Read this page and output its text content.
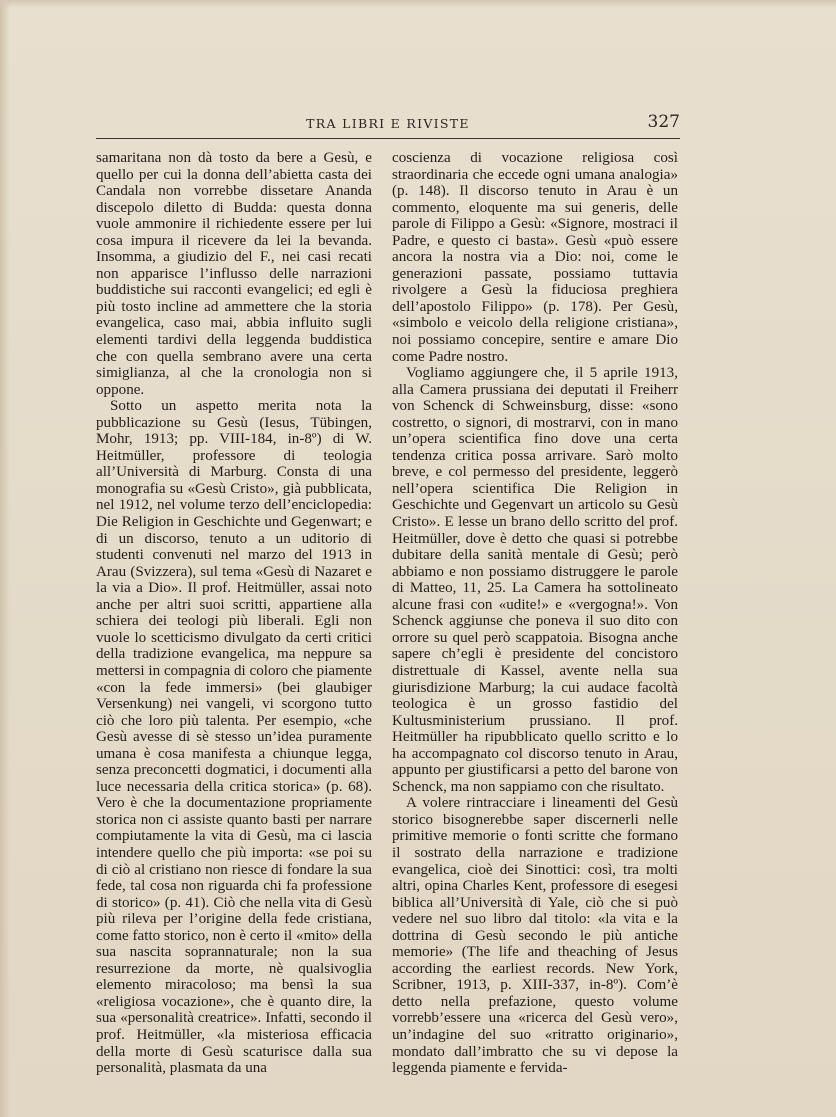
TRA LIBRI E RIVISTE	327

samaritana non dà tosto da bere a Gesù, e quello per cui la donna dell’abietta casta dei Candala non vorrebbe dissetare Ananda discepolo diletto di Budda: questa donna vuole ammonire il richiedente essere per lui cosa impura il ricevere da lei la bevanda. Insomma, a giudizio del F., nei casi recati non apparisce l’influsso delle narrazioni buddistiche sui racconti evangelici; ed egli è più tosto incline ad ammettere che la storia evangelica, caso mai, abbia influito sugli elementi tardivi della leggenda buddistica che con quella sembrano avere una certa simiglianza, al che la cronologia non si oppone.

Sotto un aspetto merita nota la pubblicazione su Gesù (Iesus, Tübingen, Mohr, 1913; pp. VIII-184, in-8º) di W. Heitmüller, professore di teologia all’Università di Marburg. Consta di una monografia su «Gesù Cristo», già pubblicata, nel 1912, nel volume terzo dell’enciclopedia: Die Religion in Geschichte und Gegenwart; e di un discorso, tenuto a un uditorio di studenti convenuti nel marzo del 1913 in Arau (Svizzera), sul tema «Gesù di Nazaret e la via a Dio». Il prof. Heitmüller, assai noto anche per altri suoi scritti, appartiene alla schiera dei teologi più liberali. Egli non vuole lo scetticismo divulgato da certi critici della tradizione evangelica, ma neppure sa mettersi in compagnia di coloro che piamente «con la fede immersi» (bei glaubiger Versenkung) nei vangeli, vi scorgono tutto ciò che loro più talenta. Per esempio, «che Gesù avesse di sè stesso un’idea puramente umana è cosa manifesta a chiunque legga, senza preconcetti dogmatici, i documenti alla luce necessaria della critica storica» (p. 68). Vero è che la documentazione propriamente storica non ci assiste quanto basti per narrare compiutamente la vita di Gesù, ma ci lascia intendere quello che più importa: «se poi su di ciò al cristiano non riesce di fondare la sua fede, tal cosa non riguarda chi fa professione di storico» (p. 41). Ciò che nella vita di Gesù più rileva per l’origine della fede cristiana, come fatto storico, non è certo il «mito» della sua nascita soprannaturale; non la sua resurrezione da morte, nè qualsivoglia elemento miracoloso; ma bensì la sua «religiosa vocazione», che è quanto dire, la sua «personalità creatrice». Infatti, secondo il prof. Heitmüller, «la misteriosa efficacia della morte di Gesù scaturisce dalla sua personalità, plasmata da una

coscienza di vocazione religiosa così straordinaria che eccede ogni umana analogia» (p. 148). Il discorso tenuto in Arau è un commento, eloquente ma sui generis, delle parole di Filippo a Gesù: «Signore, mostraci il Padre, e questo ci basta». Gesù «può essere ancora la nostra via a Dio: noi, come le generazioni passate, possiamo tuttavia rivolgere a Gesù la fiduciosa preghiera dell’apostolo Filippo» (p. 178). Per Gesù, «simbolo e veicolo della religione cristiana», noi possiamo concepire, sentire e amare Dio come Padre nostro.

Vogliamo aggiungere che, il 5 aprile 1913, alla Camera prussiana dei deputati il Freiherr von Schenck di Schweinsburg, disse: «sono costretto, o signori, di mostrarvi, con in mano un’opera scientifica fino dove una certa tendenza critica possa arrivare. Sarò molto breve, e col permesso del presidente, leggerò nell’opera scientifica Die Religion in Geschichte und Gegenvart un articolo su Gesù Cristo». E lesse un brano dello scritto del prof. Heitmüller, dove è detto che quasi si potrebbe dubitare della sanità mentale di Gesù; però abbiamo e non possiamo distruggere le parole di Matteo, 11, 25. La Camera ha sottolineato alcune frasi con «udite!» e «vergogna!». Von Schenck aggiunse che poneva il suo dito con orrore su quel però scappatoia. Bisogna anche sapere ch’egli è presidente del concistoro distrettuale di Kassel, avente nella sua giurisdizione Marburg; la cui audace facoltà teologica è un grosso fastidio del Kultusministerium prussiano. Il prof. Heitmüller ha ripubblicato quello scritto e lo ha accompagnato col discorso tenuto in Arau, appunto per giustificarsi a petto del barone von Schenck, ma non sappiamo con che risultato.

A volere rintracciare i lineamenti del Gesù storico bisognerebbe saper discernerli nelle primitive memorie o fonti scritte che formano il sostrato della narrazione e tradizione evangelica, cioè dei Sinottici: così, tra molti altri, opina Charles Kent, professore di esegesi biblica all’Università di Yale, ciò che si può vedere nel suo libro dal titolo: «la vita e la dottrina di Gesù secondo le più antiche memorie» (The life and theaching of Jesus according the earliest records. New York, Scribner, 1913, p. XIII-337, in-8º). Com’è detto nella prefazione, questo volume vorrebb’essere una «ricerca del Gesù vero», un’indagine del suo «ritratto originario», mondato dall’imbratto che su vi depose la leggenda piamente e fervida-
